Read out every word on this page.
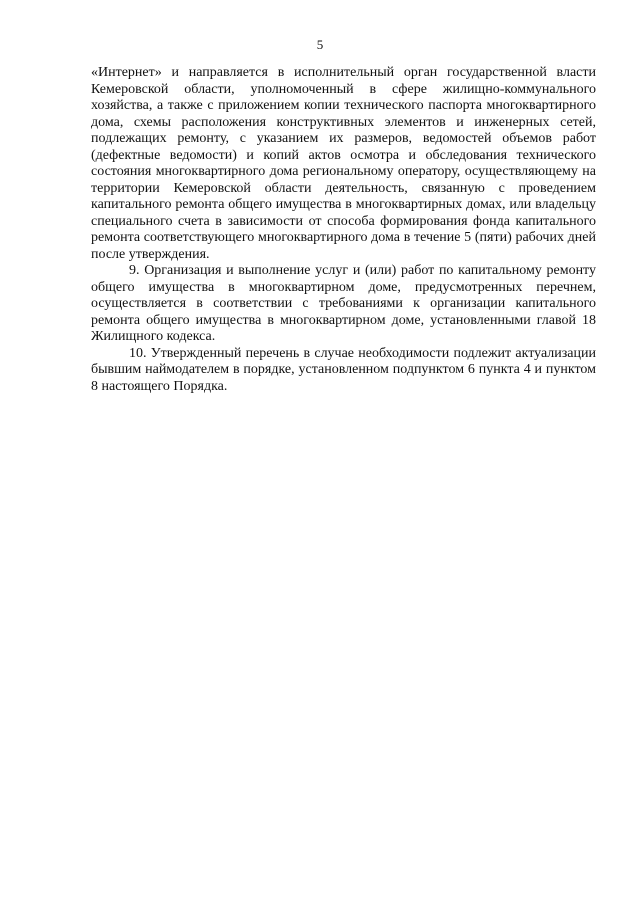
5

«Интернет» и направляется в исполнительный орган государственной власти Кемеровской области, уполномоченный в сфере жилищно-коммунального хозяйства, а также с приложением копии технического паспорта многоквартирного дома, схемы расположения конструктивных элементов и инженерных сетей, подлежащих ремонту, с указанием их размеров, ведомостей объемов работ (дефектные ведомости) и копий актов осмотра и обследования технического состояния многоквартирного дома региональному оператору, осуществляющему на территории Кемеровской области деятельность, связанную с проведением капитального ремонта общего имущества в многоквартирных домах, или владельцу специального счета в зависимости от способа формирования фонда капитального ремонта соответствующего многоквартирного дома в течение 5 (пяти) рабочих дней после утверждения.

9. Организация и выполнение услуг и (или) работ по капитальному ремонту общего имущества в многоквартирном доме, предусмотренных перечнем, осуществляется в соответствии с требованиями к организации капитального ремонта общего имущества в многоквартирном доме, установленными главой 18 Жилищного кодекса.

10. Утвержденный перечень в случае необходимости подлежит актуализации бывшим наймодателем в порядке, установленном подпунктом 6 пункта 4 и пунктом 8 настоящего Порядка.
